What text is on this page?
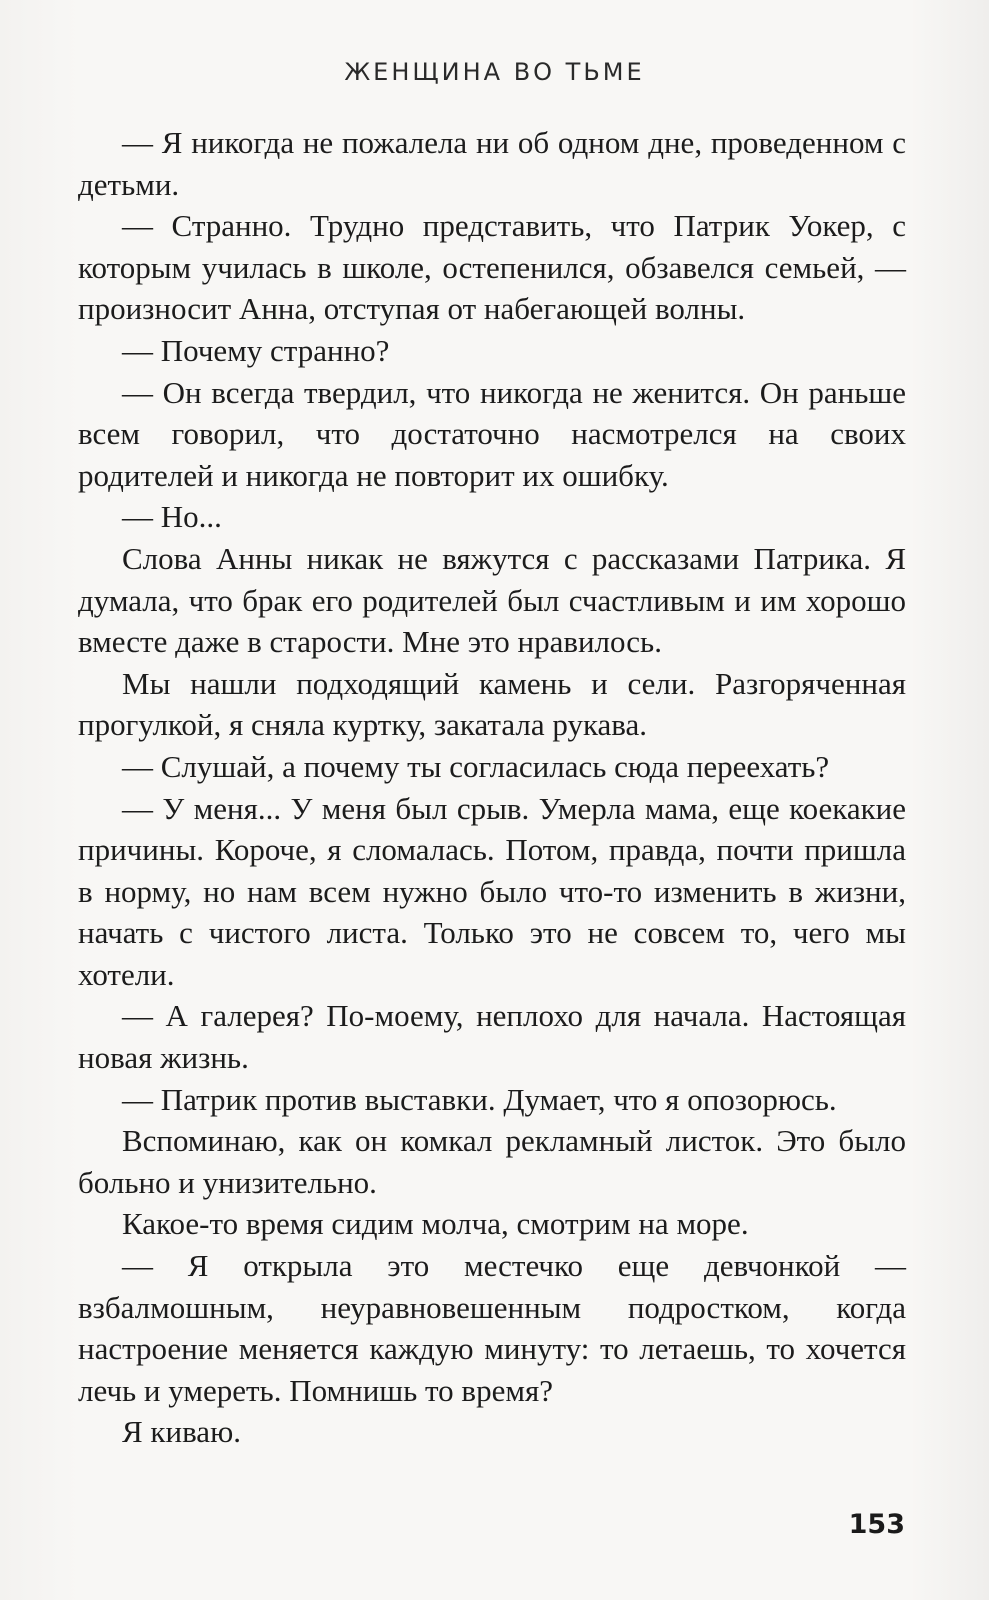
ЖЕНЩИНА ВО ТЬМЕ

— Я никогда не пожалела ни об одном дне, проведенном с детьми.

— Странно. Трудно представить, что Патрик Уокер, с которым училась в школе, остепенился, обзавелся семьей, — произносит Анна, отступая от набегающей волны.

— Почему странно?

— Он всегда твердил, что никогда не женится. Он раньше всем говорил, что достаточно насмотрелся на своих родителей и никогда не повторит их ошибку.

— Но...

Слова Анны никак не вяжутся с рассказами Патрика. Я думала, что брак его родителей был счастливым и им хорошо вместе даже в старости. Мне это нравилось.

Мы нашли подходящий камень и сели. Разгоряченная прогулкой, я сняла куртку, закатала рукава.

— Слушай, а почему ты согласилась сюда переехать?

— У меня... У меня был срыв. Умерла мама, еще коекакие причины. Короче, я сломалась. Потом, правда, почти пришла в норму, но нам всем нужно было что-то изменить в жизни, начать с чистого листа. Только это не совсем то, чего мы хотели.

— А галерея? По-моему, неплохо для начала. Настоящая новая жизнь.

— Патрик против выставки. Думает, что я опозорюсь.

Вспоминаю, как он комкал рекламный листок. Это было больно и унизительно.

Какое-то время сидим молча, смотрим на море.

— Я открыла это местечко еще девчонкой — взбалмошным, неуравновешенным подростком, когда настроение меняется каждую минуту: то летаешь, то хочется лечь и умереть. Помнишь то время?

Я киваю.

153
